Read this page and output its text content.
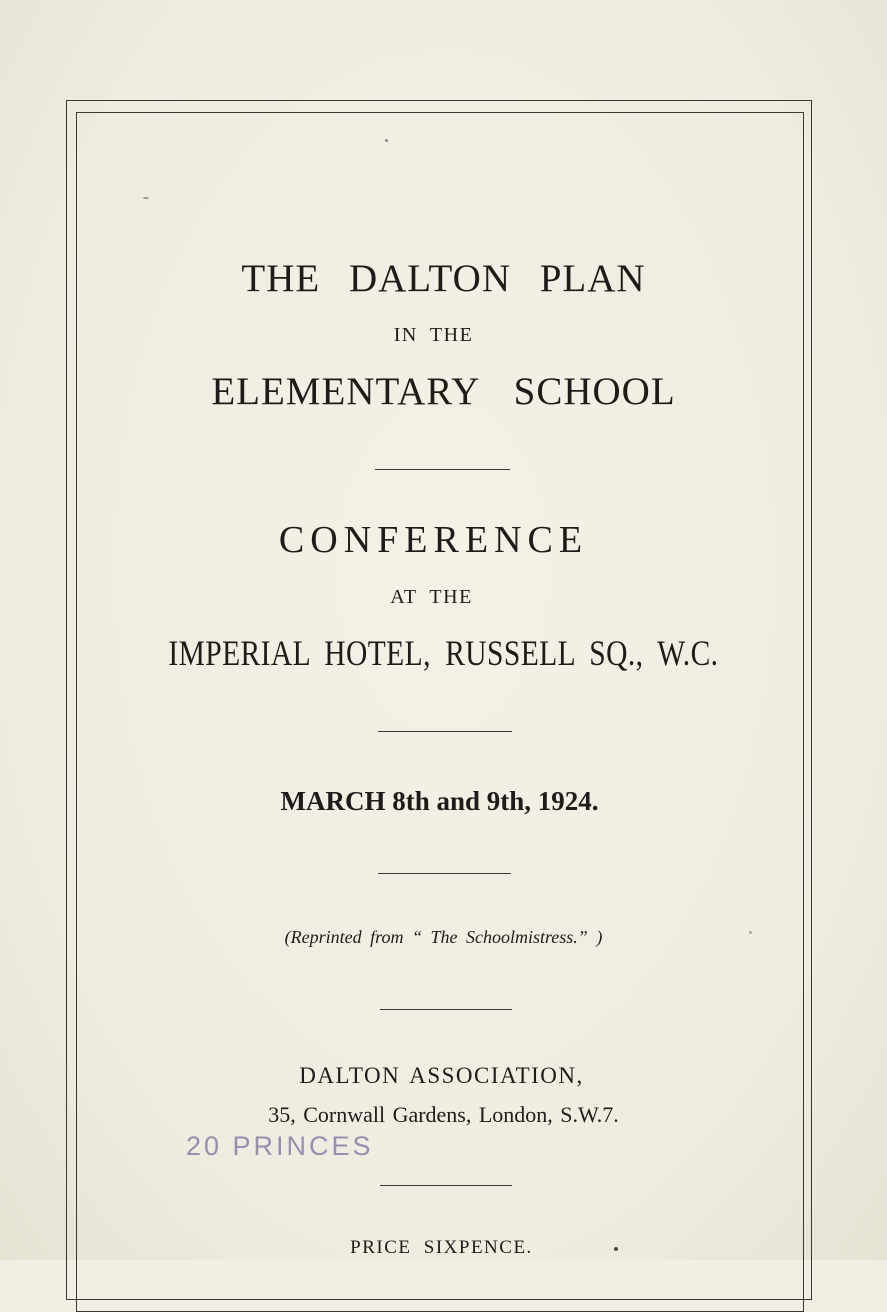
THE DALTON PLAN
IN THE
ELEMENTARY SCHOOL
CONFERENCE
AT THE
IMPERIAL HOTEL, RUSSELL SQ., W.C.
MARCH 8th and 9th, 1924.
(Reprinted from “ The Schoolmistress.” )
DALTON ASSOCIATION,
35, Cornwall Gardens, London, S.W.7.
20 PRINCES
PRICE SIXPENCE.
